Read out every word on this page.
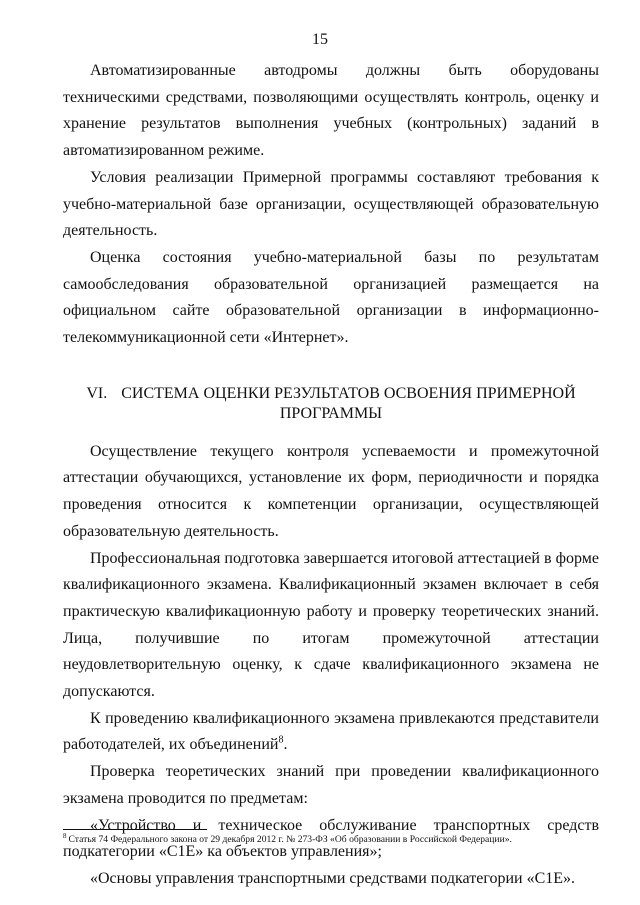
15

Автоматизированные автодромы должны быть оборудованы техническими средствами, позволяющими осуществлять контроль, оценку и хранение результатов выполнения учебных (контрольных) заданий в автоматизированном режиме.

Условия реализации Примерной программы составляют требования к учебно-материальной базе организации, осуществляющей образовательную деятельность.

Оценка состояния учебно-материальной базы по результатам самообследования образовательной организацией размещается на официальном сайте образовательной организации в информационно-телекоммуникационной сети «Интернет».

VI. СИСТЕМА ОЦЕНКИ РЕЗУЛЬТАТОВ ОСВОЕНИЯ ПРИМЕРНОЙ
ПРОГРАММЫ

Осуществление текущего контроля успеваемости и промежуточной аттестации обучающихся, установление их форм, периодичности и порядка проведения относится к компетенции организации, осуществляющей образовательную деятельность.

Профессиональная подготовка завершается итоговой аттестацией в форме квалификационного экзамена. Квалификационный экзамен включает в себя практическую квалификационную работу и проверку теоретических знаний. Лица, получившие по итогам промежуточной аттестации неудовлетворительную оценку, к сдаче квалификационного экзамена не допускаются.

К проведению квалификационного экзамена привлекаются представители работодателей, их объединений$^8$.

Проверка теоретических знаний при проведении квалификационного экзамена проводится по предметам:

«Устройство и техническое обслуживание транспортных средств подкатегории «C1E» ка объектов управления»;

«Основы управления транспортными средствами подкатегории «C1E».

$^8$ Статья 74 Федерального закона от 29 декабря 2012 г. № 273-ФЗ «Об образовании в Российской Федерации».
